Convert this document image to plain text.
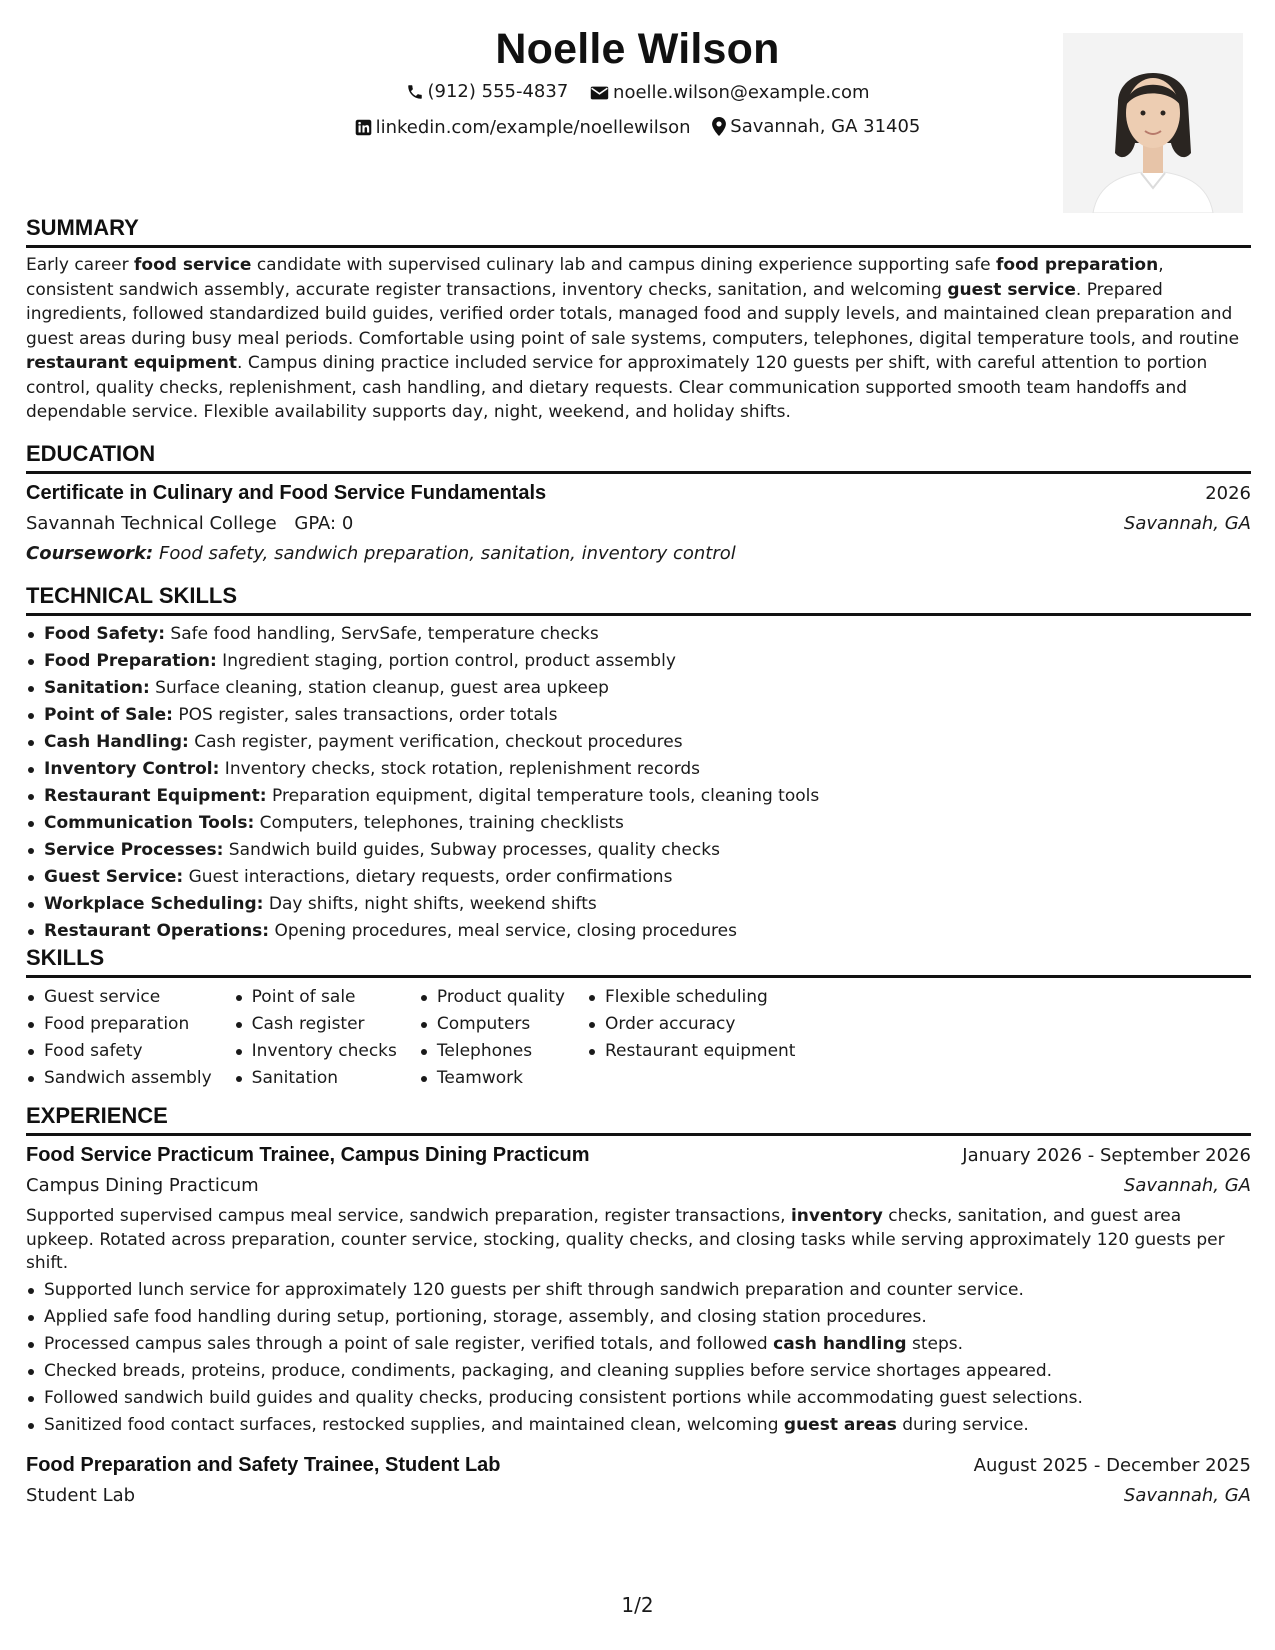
Noelle Wilson
(912) 555-4837
noelle.wilson@example.com
linkedin.com/example/noellewilson
Savannah, GA 31405
SUMMARY

Early career food service candidate with supervised culinary lab and campus dining experience supporting safe food preparation, consistent sandwich assembly, accurate register transactions, inventory checks, sanitation, and welcoming guest service. Prepared ingredients, followed standardized build guides, verified order totals, managed food and supply levels, and maintained clean preparation and guest areas during busy meal periods. Comfortable using point of sale systems, computers, telephones, digital temperature tools, and routine restaurant equipment. Campus dining practice included service for approximately 120 guests per shift, with careful attention to portion control, quality checks, replenishment, cash handling, and dietary requests. Clear communication supported smooth team handoffs and dependable service. Flexible availability supports day, night, weekend, and holiday shifts.

EDUCATION
Certificate in Culinary and Food Service Fundamentals	2026
Savannah Technical College GPA: 0	Savannah, GA
Coursework: Food safety, sandwich preparation, sanitation, inventory control
TECHNICAL SKILLS
Food Safety: Safe food handling, ServSafe, temperature checks
Food Preparation: Ingredient staging, portion control, product assembly
Sanitation: Surface cleaning, station cleanup, guest area upkeep
Point of Sale: POS register, sales transactions, order totals
Cash Handling: Cash register, payment verification, checkout procedures
Inventory Control: Inventory checks, stock rotation, replenishment records
Restaurant Equipment: Preparation equipment, digital temperature tools, cleaning tools
Communication Tools: Computers, telephones, training checklists
Service Processes: Sandwich build guides, Subway processes, quality checks
Guest Service: Guest interactions, dietary requests, order confirmations
Workplace Scheduling: Day shifts, night shifts, weekend shifts
Restaurant Operations: Opening procedures, meal service, closing procedures
SKILLS
Guest service
Food preparation
Food safety
Sandwich assembly
Point of sale
Cash register
Inventory checks
Sanitation
Product quality
Computers
Telephones
Teamwork
Flexible scheduling
Order accuracy
Restaurant equipment
EXPERIENCE
Food Service Practicum Trainee, Campus Dining Practicum	January 2026 - September 2026
Campus Dining Practicum	Savannah, GA

Supported supervised campus meal service, sandwich preparation, register transactions, inventory checks, sanitation, and guest area upkeep. Rotated across preparation, counter service, stocking, quality checks, and closing tasks while serving approximately 120 guests per shift.

Supported lunch service for approximately 120 guests per shift through sandwich preparation and counter service.
Applied safe food handling during setup, portioning, storage, assembly, and closing station procedures.
Processed campus sales through a point of sale register, verified totals, and followed cash handling steps.
Checked breads, proteins, produce, condiments, packaging, and cleaning supplies before service shortages appeared.
Followed sandwich build guides and quality checks, producing consistent portions while accommodating guest selections.
Sanitized food contact surfaces, restocked supplies, and maintained clean, welcoming guest areas during service.
Food Preparation and Safety Trainee, Student Lab	August 2025 - December 2025
Student Lab	Savannah, GA
1/2
